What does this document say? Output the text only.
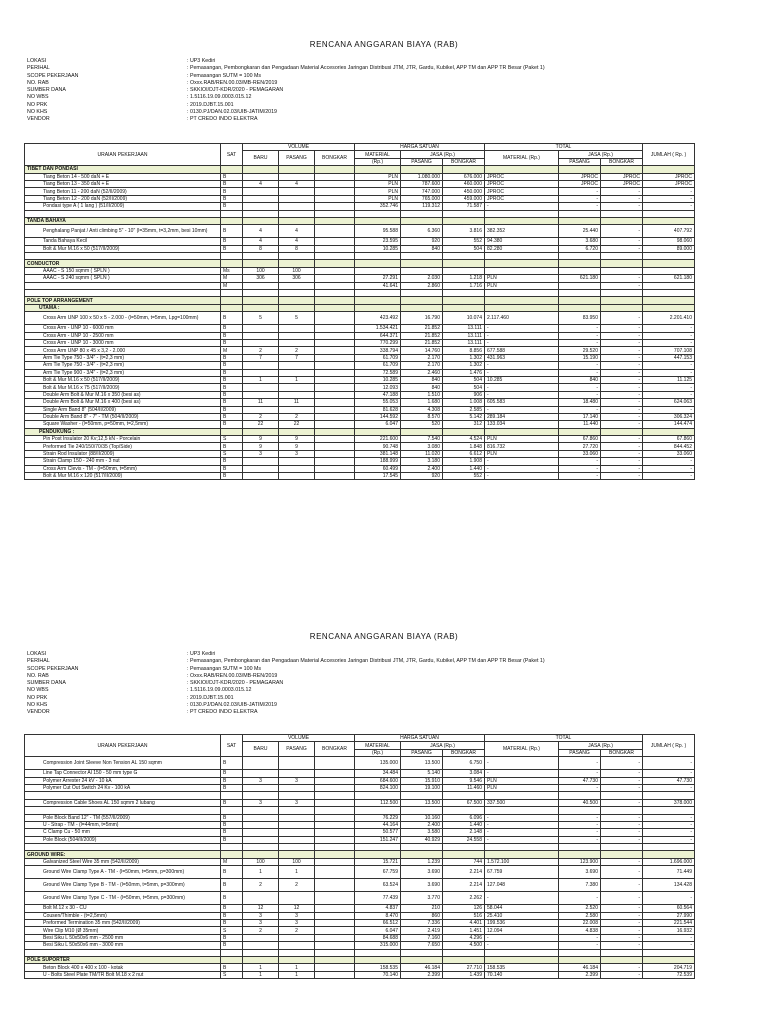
RENCANA ANGGARAN BIAYA (RAB)
LOKASI	: UP3 Kediri
PERIHAL	: Pemasangan, Pembongkaran dan Pengadaan Material Accesories Jaringan Distribusi JTM, JTR, Gardu, Kubikel, APP TM dan APP TR Besar (Paket 1)
SCOPE PEKERJAAN	: Pemasangan SUTM = 100 Ms
NO. RAB	: Oxxx.RAB/REN.00.03/MB-REN/2019
SUMBER DANA	: SKKIOI/DJT-KDR/2020 - PEMAGARAN
NO WBS	: 1.5116.19.09.0003.015.12
NO PRK	: 2019.DJBT.15.001
NO KHS	: 0130.PJ/DAN.02.03/UIB-JATIM/2019
VENDOR	: PT CREDO INDO ELEKTRA
URAIAN PEKERJAAN	SAT	VOLUME			HARGA SATUAN			TOTAL			JUMLAH ( Rp. )
		BARU	PASANG	BONGKAR	MATERIAL	JASA (Rp.)		MATERIAL (Rp.)	JASA (Rp.)		
					(Rp.)	PASANG	BONGKAR		PASANG	BONGKAR	
TIBET DAN PONDASI											
Tiang Beton 14 - 500 daN + E	B				PLN	1.080.000	676.000	JPROC	JPROC	JPROC	JPROC
Tiang Beton 13 - 350 daN + E	B	4	4		PLN	787.600	460.000	JPROC	JPROC	JPROC	JPROC
Tiang Beton 11 - 200 daN (52/II/2009)	B				PLN	747.000	450.000	JPROC	-	-	-
Tiang Beton 12 - 200 daN (52/II/2009)	B				PLN	765.000	459.000	JPROC	-	-	-
Pondasi type A ( 1 lang ) (51/II/2009)	B				352.746	119.312	71.587	-	-	-	-

TANDA BAHAYA											
Penghalang Panjat / Anti climbing 5" - 10" (l=35mm, t=3,2mm, besi 10mm)	B	4	4		95.588	6.360	3.816	382.352	25.440	-	407.792
Tanda Bahaya Kecil	B	4	4		23.595	920	552	94.380	3.680	-	98.060
Bolt & Mur M.16 x 50 (517/II/2009)	B	8	8		10.285	840	504	82.280	6.720	-	89.000

CONDUCTOR											
AAAC - S 150 sqmm ( SPLN )	Ms	100	100								
AAAC - S 240 sqmm ( SPLN )	M	306	306		27.291	2.030	1.218	PLN	621.180	-	621.180
	M				41.641	2.860	1.716	PLN		-	

POLE TOP ARRANGEMENT											
UTAMA :											
Cross Arm UNP 100 x 50 x 5 - 2.000 - (l=50mm, t=5mm, Lpg=100mm)	B	5	5		423.492	16.790	10.074	2.117.460	83.950	-	2.201.410
Cross Arm - UNP 10 - 6000 mm	B				1.534.421	21.852	13.111	-	-	-	-
Cross Arm - UNP 10 - 2500 mm	B				644.371	21.852	13.111	-	-	-	-
Cross Arm - UNP 10 - 3000 mm	B				770.299	21.852	13.111	-	-	-	-
Cross Arm UNP 80 x 45 x 3,2 - 2.000	M	2	2		338.794	14.760	8.856	677.588	29.520	-	707.108
Arm Tie Type 750 - 3/4" - (t=2,3 mm)	B	7	7		61.709	2.170	1.302	431.963	15.190	-	447.153
Arm Tie Type 750 - 3/4" - (t=2,3 mm)	B				61.709	2.170	1.302	-	-	-	-
Arm Tie Type 900 - 3/4" - (t=2,3 mm)	B				72.589	2.460	1.476	-	-	-	-
Bolt & Mur M.16 x 50 (517/II/2009)	B	1	1		10.285	840	504	10.285	840	-	11.125
Bolt & Mur M.16 x 75 (517/II/2009)	B				12.093	840	504	-	-	-	-
Double Arm Bolt & Mur M.16 x 350 (besi as)	B				47.188	1.510	906	-	-	-	-
Double Arm Bolt & Mur M.16 x 400 (besi as)	B	11	11		55.053	1.680	1.008	605.583	18.480	-	624.063
Single Arm Band 8" (504/II/2009)	B				81.628	4.308	2.585	-	-	-	-
Double Arm Band 8" - 7" - TM (504/II/2009)	B	2	2		144.592	8.570	5.142	289.184	17.140	-	306.324
Square Washer - (l=50mm, p=50mm, t=2,5mm)	B	22	22		6.047	520	312	133.034	11.440	-	144.474
PENDUKUNG :											
Pin Post Insulator 20 Kv;12,5 kN - Porcelain	S	9	9		221.600	7.540	4.524	PLN	67.860	-	67.860
Preformed Tie 240/150/70/35 (Top/Side)	B	9	9		90.748	3.080	1.848	816.732	27.720	-	844.452
Strain Rod Insulator (88/II/2009)	S	3	3		381.148	11.020	6.612	PLN	33.060	-	33.060
Strain Clamp 150 - 240 mm - 3 nut	B				188.999	3.180	1.908	-	-	-	-
Cross Arm Clevis - TM - (l=50mm, t=5mm)	B				60.499	2.400	1.440	-	-	-	-
Bolt & Mur M.16 x 120 (517/II/2009)	B				17.545	920	552	-	-	-	-
RENCANA ANGGARAN BIAYA (RAB)
LOKASI	: UP3 Kediri
PERIHAL	: Pemasangan, Pembongkaran dan Pengadaan Material Accesories Jaringan Distribusi JTM, JTR, Gardu, Kubikel, APP TM dan APP TR Besar (Paket 1)
SCOPE PEKERJAAN	: Pemasangan SUTM = 100 Ms
NO. RAB	: Oxxx.RAB/REN.00.03/MB-REN/2019
SUMBER DANA	: SKKIOI/DJT-KDR/2020 - PEMAGARAN
NO WBS	: 1.5116.19.09.0003.015.12
NO PRK	: 2019.DJBT.15.001
NO KHS	: 0130.PJ/DAN.02.03/UIB-JATIM/2019
VENDOR	: PT CREDO INDO ELEKTRA
URAIAN PEKERJAAN	SAT	VOLUME			HARGA SATUAN			TOTAL			JUMLAH ( Rp. )
		BARU	PASANG	BONGKAR	MATERIAL	JASA (Rp.)		MATERIAL (Rp.)	JASA (Rp.)		
					(Rp.)	PASANG	BONGKAR		PASANG	BONGKAR	
Compression Joint Sleeve Non Tension AL 150 sqmm	B				135.000	13.500	6.750	-	-	-	-
Line Tap Connector Al 150 - 50 mm type G	B				34.484	5.140	3.084	-	-	-	-
Polymer Arrester 24 kV - 10 kA	B	3	3		684.600	15.910	9.546	PLN	47.730	-	47.730
Polymer Cut Out Switch 24 Kv - 100 kA	B				824.100	19.100	11.460	PLN	-	-	-

Compression Cable Shoes AL 150 sqmm 2 lubang	B	3	3		112.500	13.500	67.500	337.500	40.500	-	378.000

Pole Block Band 12" - TM (557/II/2009)	B				76.229	10.160	6.096	-	-	-	-
U - Strap - TM - (l=44mm, t=5mm)	B				44.164	2.400	1.440	-	-	-	-
C Clamp Cu - 50 mm	B				50.577	3.580	2.148	-	-	-	-
Pole Block (504/II/2009)	B				151.247	40.929	24.558	-	-	-	-

GROUND WIRE:											
Galvanized Steel Wire 35 mm (542/II/2009)	M	100	100		15.721	1.239	744	1.572.100	123.900	-	1.696.000
Ground Wire Clamp Type A - TM - (l=50mm, t=5mm, p=300mm)	B	1	1		67.759	3.690	2.214	67.759	3.690	-	71.449
Ground Wire Clamp Type B - TM - (l=50mm, t=5mm, p=300mm)	B	2	2		63.524	3.690	2.214	127.048	7.380	-	134.428
Ground Wire Clamp Type C - TM - (l=50mm, t=5mm, p=300mm)	B				77.439	3.770	2.262	-	-	-	-
Bolt M.12 x 30 - CU	B	12	12		4.837	210	126	58.044	2.520	-	60.564
Cousen/Thimble - (t=2,5mm)	B	3	3		8.470	860	516	25.410	2.580	-	27.990
Preformed Termination 35 mm (542/II/2009)	B	3	3		66.512	7.336	4.401	199.536	22.008	-	221.544
Wire Clip M10 (Ø 35mm)	S	2	2		6.047	2.419	1.451	12.094	4.838	-	16.932
Besi Siku L 50x50x6 mm - 2500 mm	B				84.688	7.160	4.296	-	-	-	-
Besi Siku L 50x50x6 mm - 3000 mm	B				315.000	7.650	4.500	-	-	-	-

POLE SUPORTER											
Beton Block 400 x 400 x 100 - kotak	B	1	1		158.535	46.184	27.710	158.535	46.184	-	204.719
U - Bolts Steel Plate TM/TR Bolt M.18 x 2 nut	S	1	1		70.140	2.399	1.439	70.140	2.399	-	72.539
